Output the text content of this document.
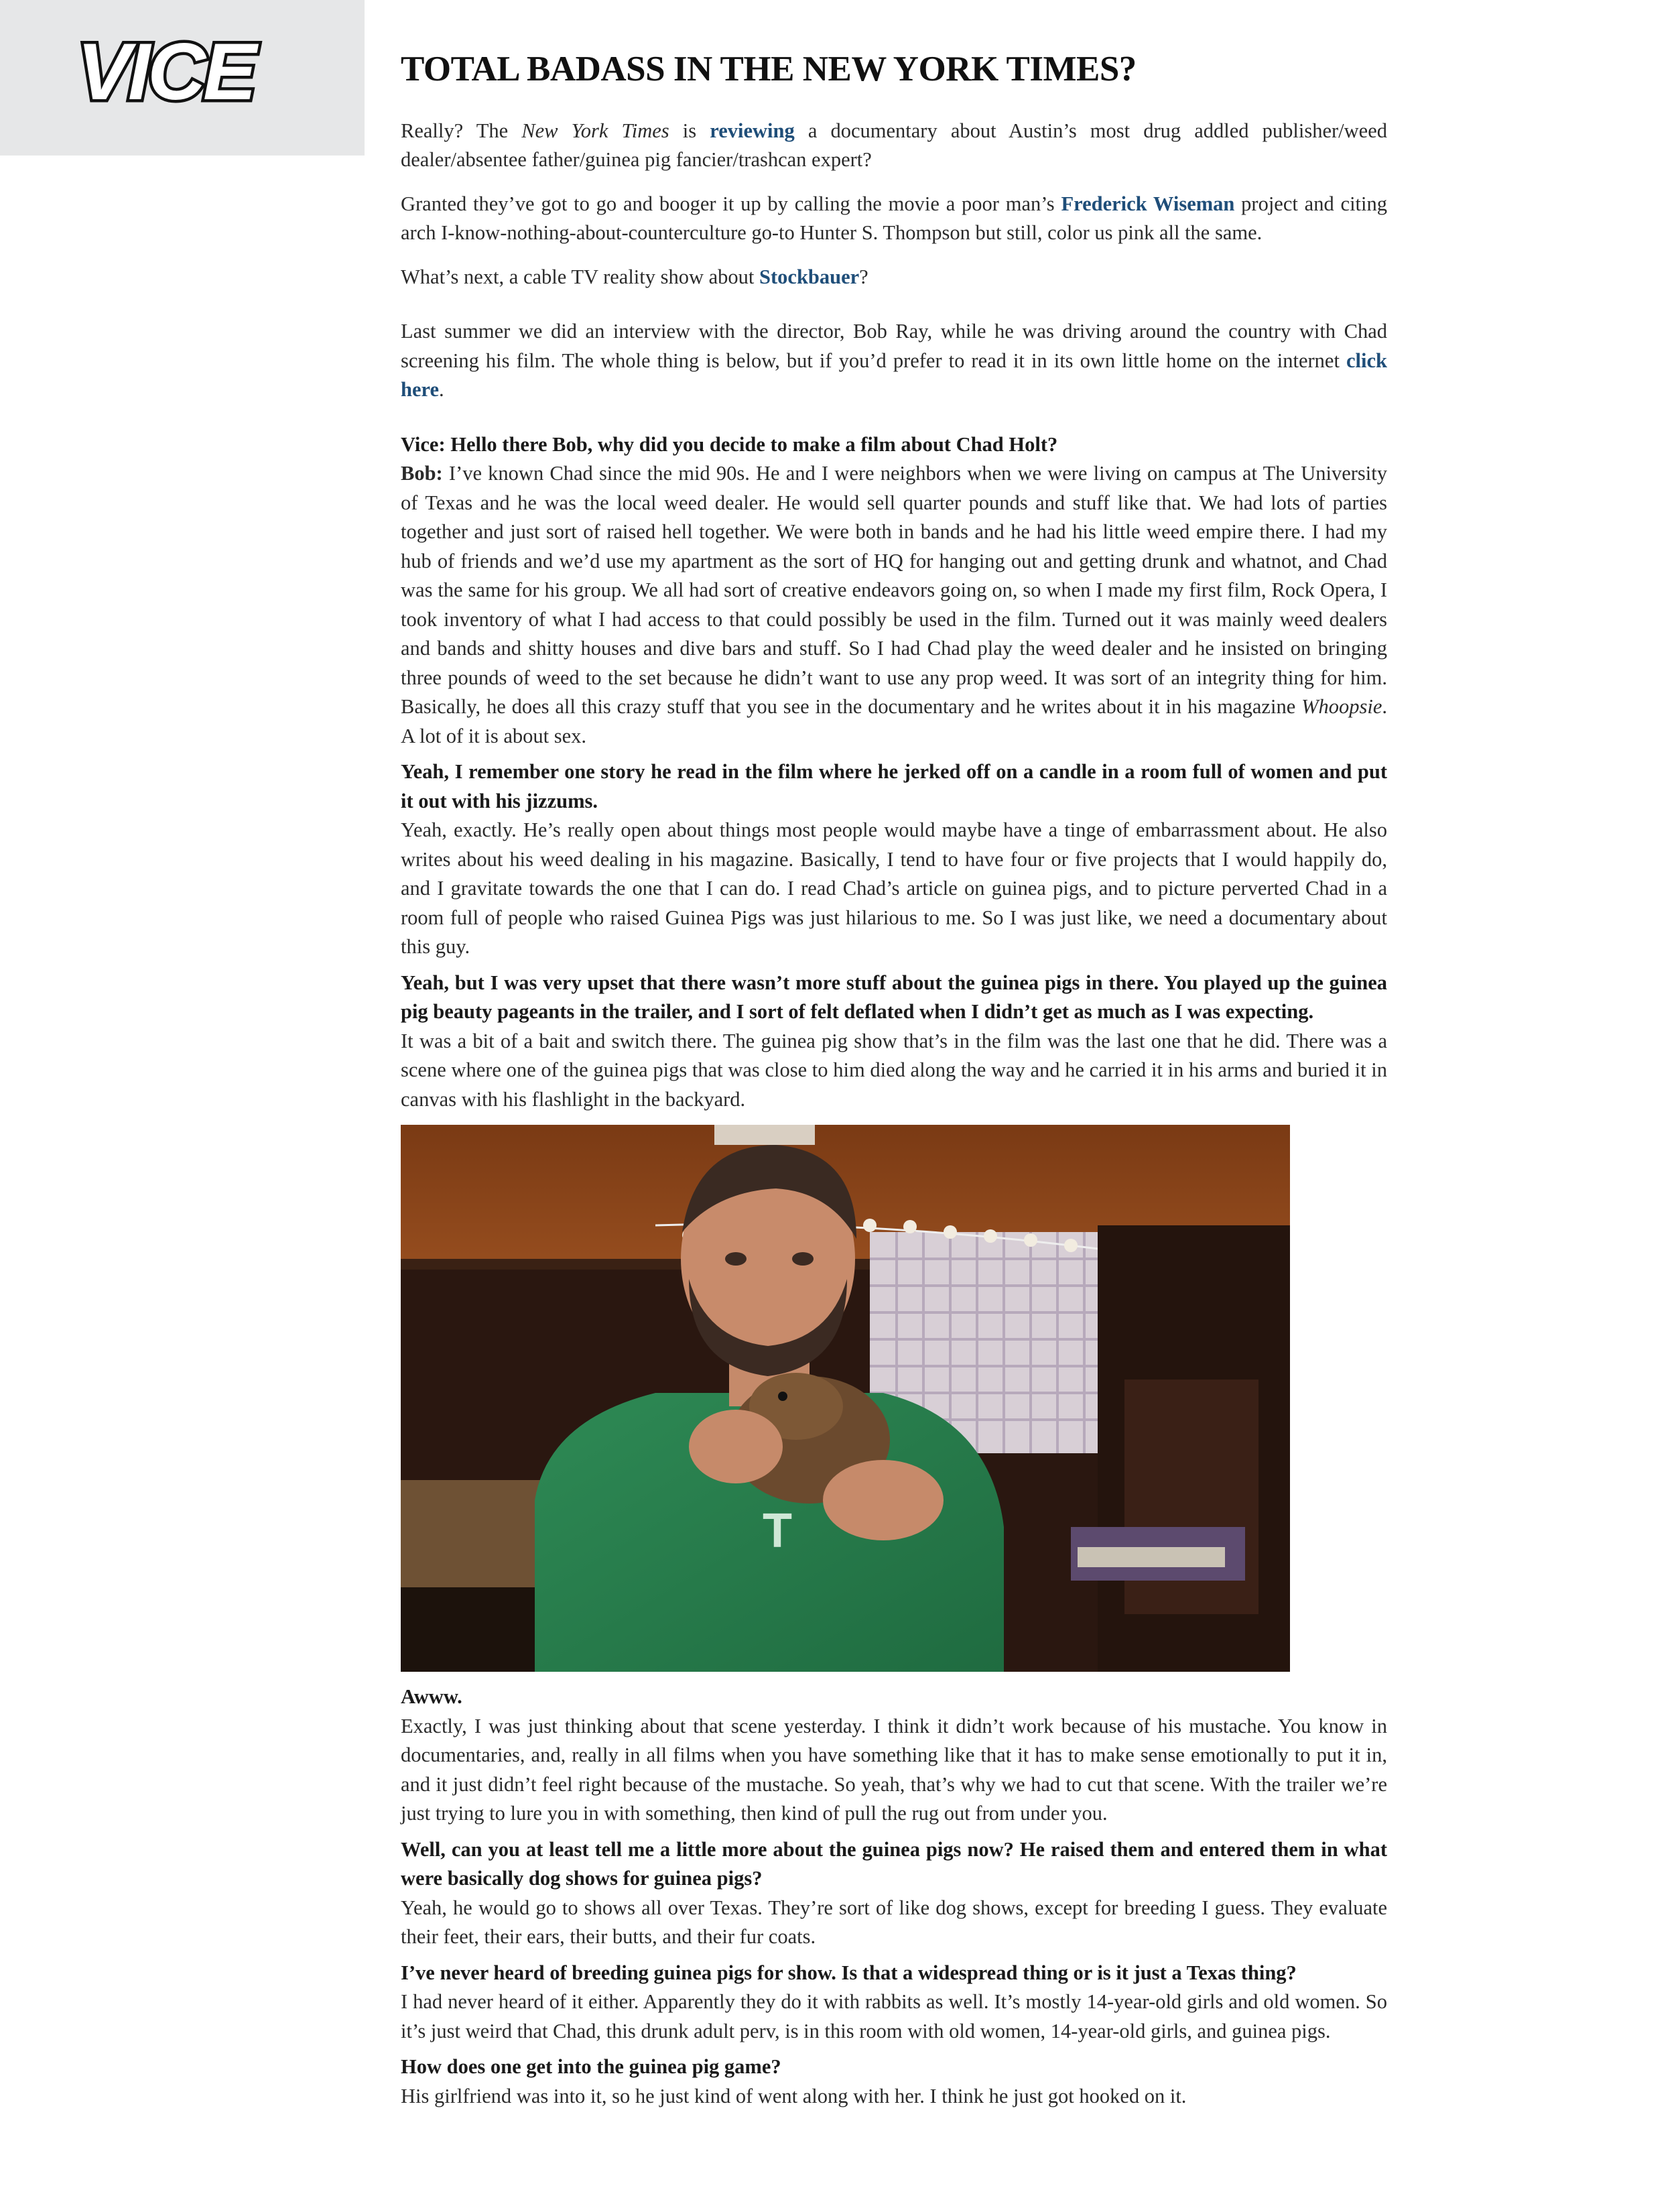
VICE	TOTAL BADASS IN THE NEW YORK TIMES?

Really? The New York Times is reviewing a documentary about Austin’s most drug addled publisher/weed dealer/absentee father/guinea pig fancier/trashcan expert?

Granted they’ve got to go and booger it up by calling the movie a poor man’s Frederick Wiseman project and citing arch I-know-nothing-about-counterculture go-to Hunter S. Thompson but still, color us pink all the same.

What’s next, a cable TV reality show about Stockbauer?

Last summer we did an interview with the director, Bob Ray, while he was driving around the country with Chad screening his film. The whole thing is below, but if you’d prefer to read it in its own little home on the internet click here.

Vice: Hello there Bob, why did you decide to make a film about Chad Holt?

Bob: I’ve known Chad since the mid 90s. He and I were neighbors when we were living on campus at The University of Texas and he was the local weed dealer. He would sell quarter pounds and stuff like that. We had lots of parties together and just sort of raised hell together. We were both in bands and he had his little weed empire there. I had my hub of friends and we’d use my apartment as the sort of HQ for hanging out and getting drunk and whatnot, and Chad was the same for his group. We all had sort of creative endeavors going on, so when I made my first film, Rock Opera, I took inventory of what I had access to that could possibly be used in the film. Turned out it was mainly weed dealers and bands and shitty houses and dive bars and stuff. So I had Chad play the weed dealer and he insisted on bringing three pounds of weed to the set because he didn’t want to use any prop weed. It was sort of an integrity thing for him. Basically, he does all this crazy stuff that you see in the documentary and he writes about it in his magazine Whoopsie. A lot of it is about sex.

Yeah, I remember one story he read in the film where he jerked off on a candle in a room full of women and put it out with his jizzums.

Yeah, exactly. He’s really open about things most people would maybe have a tinge of embarrassment about. He also writes about his weed dealing in his magazine. Basically, I tend to have four or five projects that I would happily do, and I gravitate towards the one that I can do. I read Chad’s article on guinea pigs, and to picture perverted Chad in a room full of people who raised Guinea Pigs was just hilarious to me. So I was just like, we need a documentary about this guy.

Yeah, but I was very upset that there wasn’t more stuff about the guinea pigs in there. You played up the guinea pig beauty pageants in the trailer, and I sort of felt deflated when I didn’t get as much as I was expecting.

It was a bit of a bait and switch there. The guinea pig show that’s in the film was the last one that he did. There was a scene where one of the guinea pigs that was close to him died along the way and he carried it in his arms and buried it in canvas with his flashlight in the backyard.

T

Awww.

Exactly, I was just thinking about that scene yesterday. I think it didn’t work because of his mustache. You know in documentaries, and, really in all films when you have something like that it has to make sense emotionally to put it in, and it just didn’t feel right because of the mustache. So yeah, that’s why we had to cut that scene. With the trailer we’re just trying to lure you in with something, then kind of pull the rug out from under you.

Well, can you at least tell me a little more about the guinea pigs now? He raised them and entered them in what were basically dog shows for guinea pigs?

Yeah, he would go to shows all over Texas. They’re sort of like dog shows, except for breeding I guess. They evaluate their feet, their ears, their butts, and their fur coats.

I’ve never heard of breeding guinea pigs for show. Is that a widespread thing or is it just a Texas thing?

I had never heard of it either. Apparently they do it with rabbits as well. It’s mostly 14-year-old girls and old women. So it’s just weird that Chad, this drunk adult perv, is in this room with old women, 14-year-old girls, and guinea pigs.

How does one get into the guinea pig game?

His girlfriend was into it, so he just kind of went along with her. I think he just got hooked on it.
